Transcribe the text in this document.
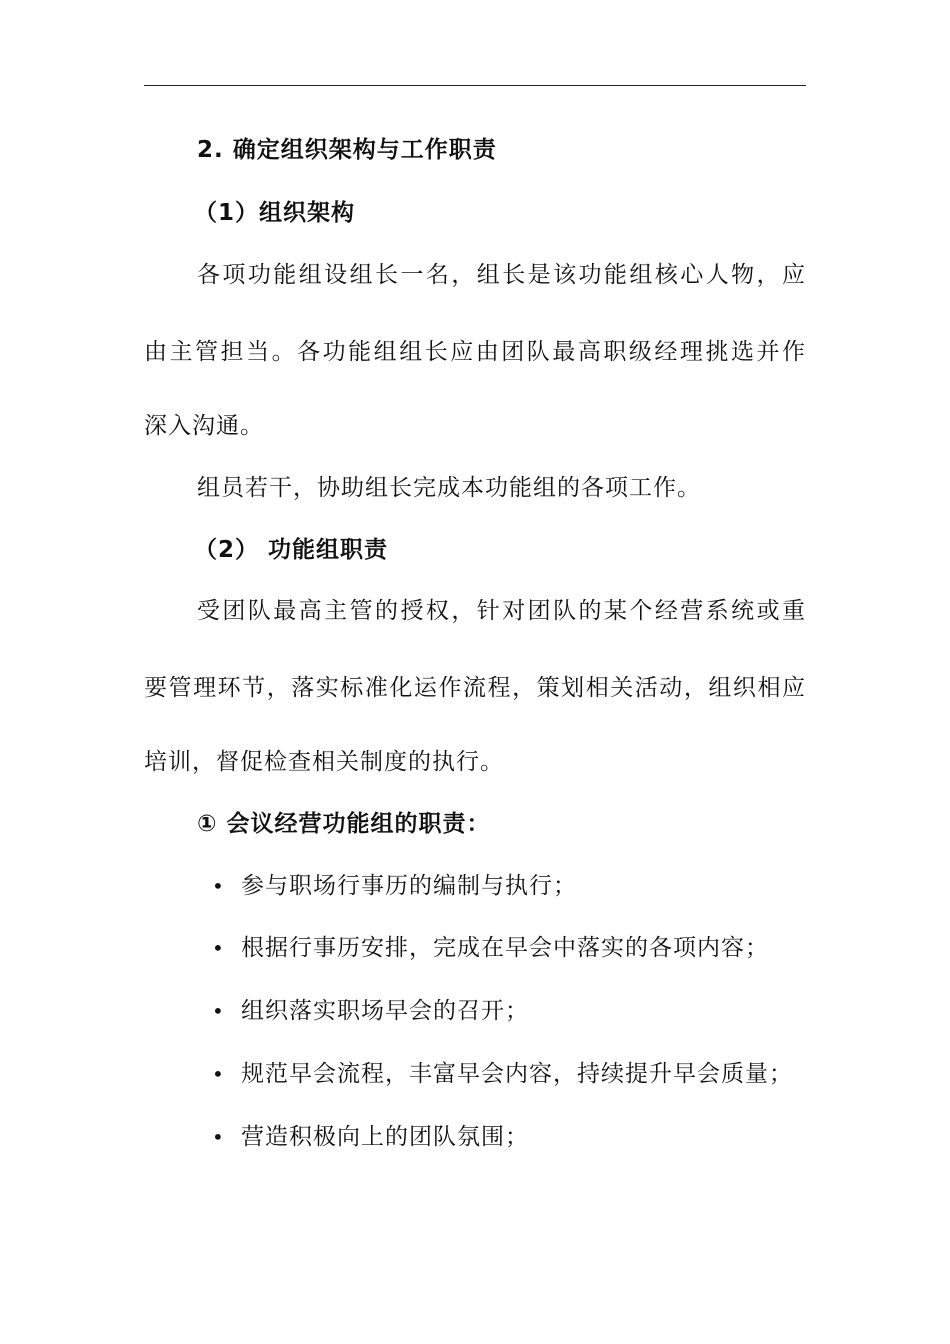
2. 确定组织架构与工作职责
（1）组织架构
各项功能组设组长一名，组长是该功能组核心人物，应
由主管担当。各功能组组长应由团队最高职级经理挑选并作
深入沟通。
组员若干，协助组长完成本功能组的各项工作。
（2） 功能组职责
受团队最高主管的授权，针对团队的某个经营系统或重
要管理环节，落实标准化运作流程，策划相关活动，组织相应
培训，督促检查相关制度的执行。
① 会议经营功能组的职责：
• 参与职场行事历的编制与执行；
• 根据行事历安排，完成在早会中落实的各项内容；
• 组织落实职场早会的召开；
• 规范早会流程，丰富早会内容，持续提升早会质量；
• 营造积极向上的团队氛围；
